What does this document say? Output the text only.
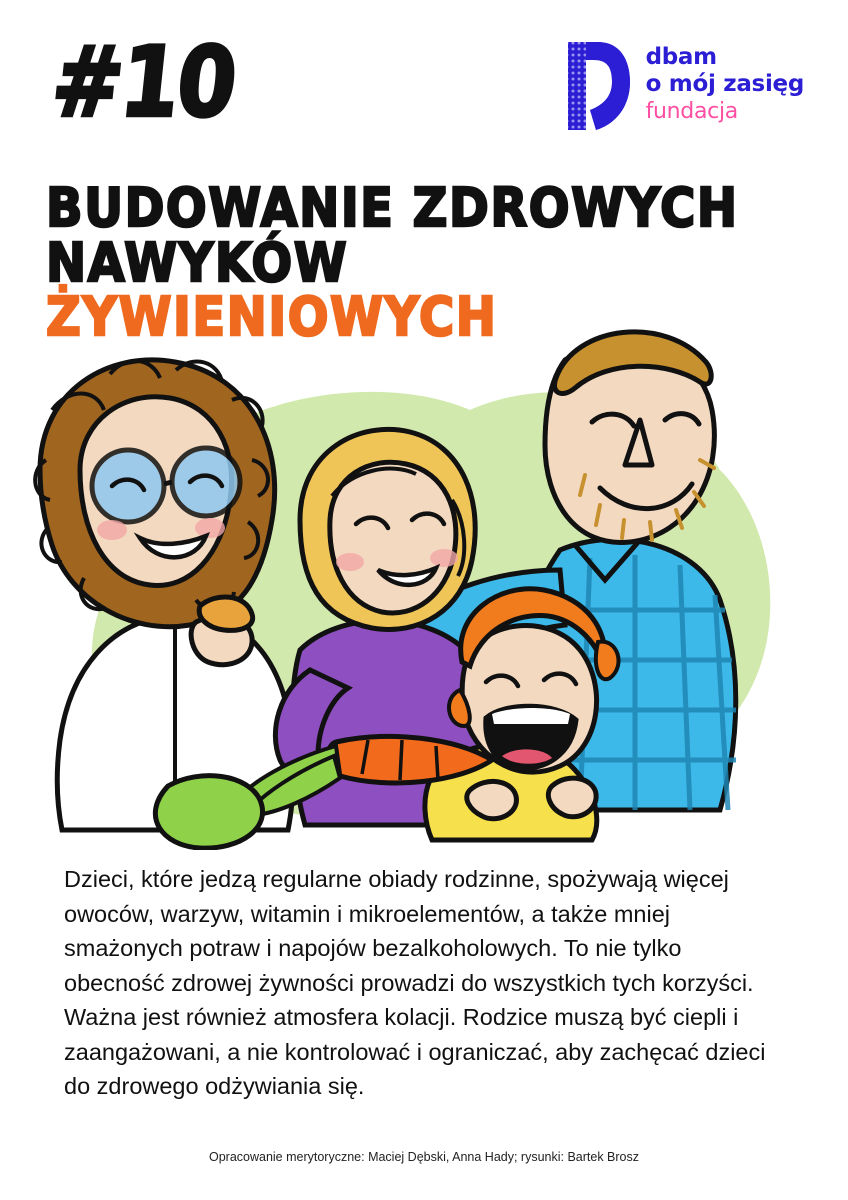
#10	dbam
o mój zasięg
fundacja
BUDOWANIE ZDROWYCH
NAWYKÓW
ŻYWIENIOWYCH
Dzieci, które jedzą regularne obiady rodzinne, spożywają więcej owoców, warzyw, witamin i mikroelementów, a także mniej smażonych potraw i napojów bezalkoholowych. To nie tylko obecność zdrowej żywności prowadzi do wszystkich tych korzyści. Ważna jest również atmosfera kolacji. Rodzice muszą być ciepli i zaangażowani, a nie kontrolować i ograniczać, aby zachęcać dzieci do zdrowego odżywiania się.
Opracowanie merytoryczne: Maciej Dębski, Anna Hady; rysunki: Bartek Brosz
